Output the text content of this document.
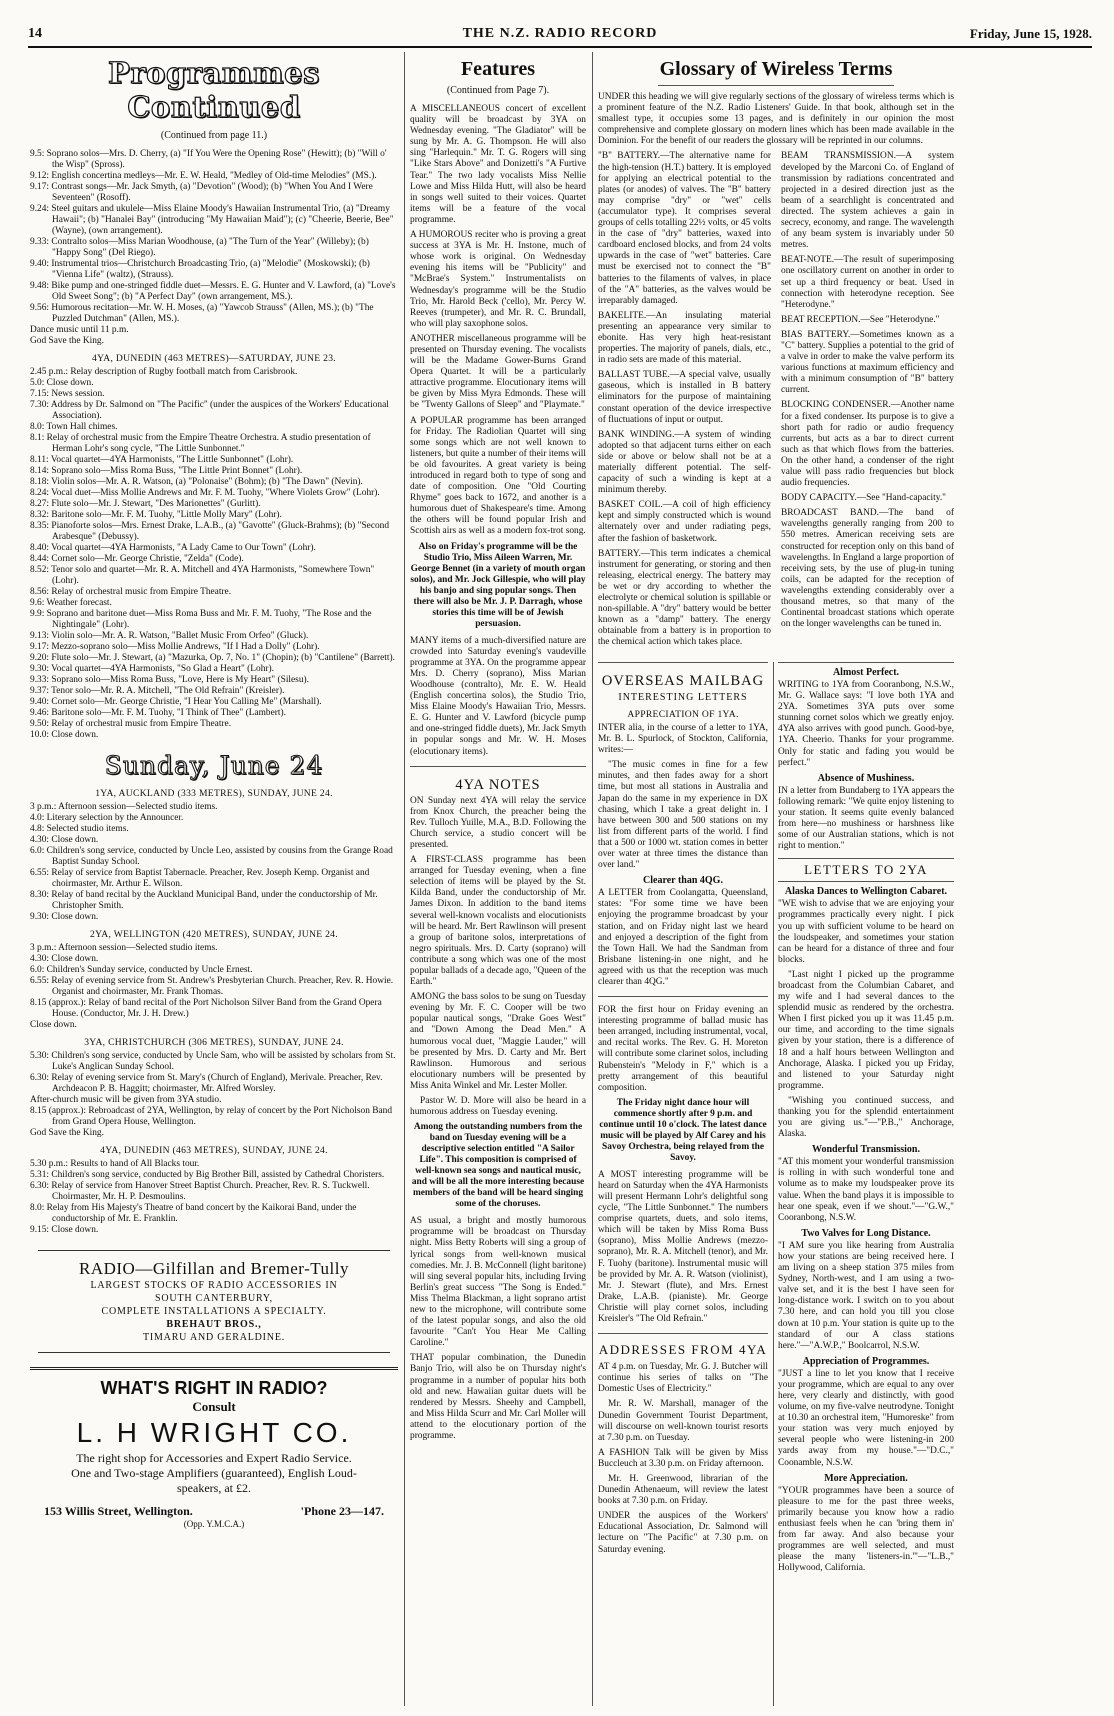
14	THE N.Z. RADIO RECORD	Friday, June 15, 1928.
Programmes Continued
(Continued from page 11.)

9.5: Soprano solos—Mrs. D. Cherry, (a) "If You Were the Opening Rose" (Hewitt); (b) "Will o' the Wisp" (Spross).

9.12: English concertina medleys—Mr. E. W. Heald, "Medley of Old-time Melodies" (MS.).

9.17: Contrast songs—Mr. Jack Smyth, (a) "Devotion" (Wood); (b) "When You And I Were Seventeen" (Rosoff).

9.24: Steel guitars and ukulele—Miss Elaine Moody's Hawaiian Instrumental Trio, (a) "Dreamy Hawaii"; (b) "Hanalei Bay" (introducing "My Hawaiian Maid"); (c) "Cheerie, Beerie, Bee" (Wayne), (own arrangement).

9.33: Contralto solos—Miss Marian Woodhouse, (a) "The Turn of the Year" (Willeby); (b) "Happy Song" (Del Riego).

9.40: Instrumental trios—Christchurch Broadcasting Trio, (a) "Melodie" (Moskowski); (b) "Vienna Life" (waltz), (Strauss).

9.48: Bike pump and one-stringed fiddle duet—Messrs. E. G. Hunter and V. Lawford, (a) "Love's Old Sweet Song"; (b) "A Perfect Day" (own arrangement, MS.).

9.56: Humorous recitation—Mr. W. H. Moses, (a) "Yawcob Strauss" (Allen, MS.); (b) "The Puzzled Dutchman" (Allen, MS.).

Dance music until 11 p.m.

God Save the King.

4YA, DUNEDIN (463 METRES)—SATURDAY, JUNE 23.

2.45 p.m.: Relay description of Rugby football match from Carisbrook.

5.0: Close down.

7.15: News session.

7.30: Address by Dr. Salmond on "The Pacific" (under the auspices of the Workers' Educational Association).

8.0: Town Hall chimes.

8.1: Relay of orchestral music from the Empire Theatre Orchestra. A studio presentation of Herman Lohr's song cycle, "The Little Sunbonnet."

8.11: Vocal quartet—4YA Harmonists, "The Little Sunbonnet" (Lohr).

8.14: Soprano solo—Miss Roma Buss, "The Little Print Bonnet" (Lohr).

8.18: Violin solos—Mr. A. R. Watson, (a) "Polonaise" (Bohm); (b) "The Dawn" (Nevin).

8.24: Vocal duet—Miss Mollie Andrews and Mr. F. M. Tuohy, "Where Violets Grow" (Lohr).

8.27: Flute solo—Mr. J. Stewart, "Des Marionettes" (Gurlitt).

8.32: Baritone solo—Mr. F. M. Tuohy, "Little Molly Mary" (Lohr).

8.35: Pianoforte solos—Mrs. Ernest Drake, L.A.B., (a) "Gavotte" (Gluck-Brahms); (b) "Second Arabesque" (Debussy).

8.40: Vocal quartet—4YA Harmonists, "A Lady Came to Our Town" (Lohr).

8.44: Cornet solo—Mr. George Christie, "Zelda" (Code).

8.52: Tenor solo and quartet—Mr. R. A. Mitchell and 4YA Harmonists, "Somewhere Town" (Lohr).

8.56: Relay of orchestral music from Empire Theatre.

9.6: Weather forecast.

9.9: Soprano and baritone duet—Miss Roma Buss and Mr. F. M. Tuohy, "The Rose and the Nightingale" (Lohr).

9.13: Violin solo—Mr. A. R. Watson, "Ballet Music From Orfeo" (Gluck).

9.17: Mezzo-soprano solo—Miss Mollie Andrews, "If I Had a Dolly" (Lohr).

9.20: Flute solo—Mr. J. Stewart, (a) "Mazurka, Op. 7, No. 1" (Chopin); (b) "Cantilene" (Barrett).

9.30: Vocal quartet—4YA Harmonists, "So Glad a Heart" (Lohr).

9.33: Soprano solo—Miss Roma Buss, "Love, Here is My Heart" (Silesu).

9.37: Tenor solo—Mr. R. A. Mitchell, "The Old Refrain" (Kreisler).

9.40: Cornet solo—Mr. George Christie, "I Hear You Calling Me" (Marshall).

9.46: Baritone solo—Mr. F. M. Tuohy, "I Think of Thee" (Lambert).

9.50: Relay of orchestral music from Empire Theatre.

10.0: Close down.

Sunday, June 24
1YA, AUCKLAND (333 METRES), SUNDAY, JUNE 24.

3 p.m.: Afternoon session—Selected studio items.

4.0: Literary selection by the Announcer.

4.8: Selected studio items.

4.30: Close down.

6.0: Children's song service, conducted by Uncle Leo, assisted by cousins from the Grange Road Baptist Sunday School.

6.55: Relay of service from Baptist Tabernacle. Preacher, Rev. Joseph Kemp. Organist and choirmaster, Mr. Arthur E. Wilson.

8.30: Relay of band recital by the Auckland Municipal Band, under the conductorship of Mr. Christopher Smith.

9.30: Close down.

2YA, WELLINGTON (420 METRES), SUNDAY, JUNE 24.

3 p.m.: Afternoon session—Selected studio items.

4.30: Close down.

6.0: Children's Sunday service, conducted by Uncle Ernest.

6.55: Relay of evening service from St. Andrew's Presbyterian Church. Preacher, Rev. R. Howie. Organist and choirmaster, Mr. Frank Thomas.

8.15 (approx.): Relay of band recital of the Port Nicholson Silver Band from the Grand Opera House. (Conductor, Mr. J. H. Drew.)

Close down.

3YA, CHRISTCHURCH (306 METRES), SUNDAY, JUNE 24.

5.30: Children's song service, conducted by Uncle Sam, who will be assisted by scholars from St. Luke's Anglican Sunday School.

6.30: Relay of evening service from St. Mary's (Church of England), Merivale. Preacher, Rev. Archdeacon P. B. Haggitt; choirmaster, Mr. Alfred Worsley.

After-church music will be given from 3YA studio.

8.15 (approx.): Rebroadcast of 2YA, Wellington, by relay of concert by the Port Nicholson Band from Grand Opera House, Wellington.

God Save the King.

4YA, DUNEDIN (463 METRES), SUNDAY, JUNE 24.

5.30 p.m.: Results to hand of All Blacks tour.

5.31: Children's song service, conducted by Big Brother Bill, assisted by Cathedral Choristers.

6.30: Relay of service from Hanover Street Baptist Church. Preacher, Rev. R. S. Tuckwell. Choirmaster, Mr. H. P. Desmoulins.

8.0: Relay from His Majesty's Theatre of band concert by the Kaikorai Band, under the conductorship of Mr. E. Franklin.

9.15: Close down.

RADIO—Gilfillan and Bremer-Tully
LARGEST STOCKS OF RADIO ACCESSORIES IN
SOUTH CANTERBURY,
COMPLETE INSTALLATIONS A SPECIALTY.
BREHAUT BROS.,
TIMARU AND GERALDINE.
WHAT'S RIGHT IN RADIO?
Consult
L. H WRIGHT CO.
The right shop for Accessories and Expert Radio Service.
One and Two-stage Amplifiers (guaranteed), English Loud-
speakers, at £2.
153 Willis Street, Wellington.	'Phone 23—147.
(Opp. Y.M.C.A.)
Features
(Continued from Page 7).

A MISCELLANEOUS concert of excellent quality will be broadcast by 3YA on Wednesday evening. "The Gladiator" will be sung by Mr. A. G. Thompson. He will also sing "Harlequin." Mr. T. G. Rogers will sing "Like Stars Above" and Donizetti's "A Furtive Tear." The two lady vocalists Miss Nellie Lowe and Miss Hilda Hutt, will also be heard in songs well suited to their voices. Quartet items will be a feature of the vocal programme.

A HUMOROUS reciter who is proving a great success at 3YA is Mr. H. Instone, much of whose work is original. On Wednesday evening his items will be "Publicity" and "McBrae's System." Instrumentalists on Wednesday's programme will be the Studio Trio, Mr. Harold Beck ('cello), Mr. Percy W. Reeves (trumpeter), and Mr. R. C. Brundall, who will play saxophone solos.

ANOTHER miscellaneous programme will be presented on Thursday evening. The vocalists will be the Madame Gower-Burns Grand Opera Quartet. It will be a particularly attractive programme. Elocutionary items will be given by Miss Myra Edmonds. These will be "Twenty Gallons of Sleep" and "Playmate."

A POPULAR programme has been arranged for Friday. The Radiolian Quartet will sing some songs which are not well known to listeners, but quite a number of their items will be old favourites. A great variety is being introduced in regard both to type of song and date of composition. One "Old Courting Rhyme" goes back to 1672, and another is a humorous duet of Shakespeare's time. Among the others will be found popular Irish and Scottish airs as well as a modern fox-trot song.

Also on Friday's programme will be the Studio Trio, Miss Aileen Warren, Mr. George Bennet (in a variety of mouth organ solos), and Mr. Jock Gillespie, who will play his banjo and sing popular songs. Then there will also be Mr. J. P. Darragh, whose stories this time will be of Jewish persuasion.

MANY items of a much-diversified nature are crowded into Saturday evening's vaudeville programme at 3YA. On the programme appear Mrs. D. Cherry (soprano), Miss Marian Woodhouse (contralto), Mr. E. W. Heald (English concertina solos), the Studio Trio, Miss Elaine Moody's Hawaiian Trio, Messrs. E. G. Hunter and V. Lawford (bicycle pump and one-stringed fiddle duets), Mr. Jack Smyth in popular songs and Mr. W. H. Moses (elocutionary items).

4YA NOTES

ON Sunday next 4YA will relay the service from Knox Church, the preacher being the Rev. Tulloch Yuille, M.A., B.D. Following the Church service, a studio concert will be presented.

A FIRST-CLASS programme has been arranged for Tuesday evening, when a fine selection of items will be played by the St. Kilda Band, under the conductorship of Mr. James Dixon. In addition to the band items several well-known vocalists and elocutionists will be heard. Mr. Bert Rawlinson will present a group of baritone solos, interpretations of negro spirituals. Mrs. D. Carty (soprano) will contribute a song which was one of the most popular ballads of a decade ago, "Queen of the Earth."

AMONG the bass solos to be sung on Tuesday evening by Mr. F. C. Cooper will be two popular nautical songs, "Drake Goes West" and "Down Among the Dead Men." A humorous vocal duet, "Maggie Lauder," will be presented by Mrs. D. Carty and Mr. Bert Rawlinson. Humorous and serious elocutionary numbers will be presented by Miss Anita Winkel and Mr. Lester Moller.

Pastor W. D. More will also be heard in a humorous address on Tuesday evening.

Among the outstanding numbers from the band on Tuesday evening will be a descriptive selection entitled "A Sailor Life". This composition is comprised of well-known sea songs and nautical music, and will be all the more interesting because members of the band will be heard singing some of the choruses.

AS usual, a bright and mostly humorous programme will be broadcast on Thursday night. Miss Betty Roberts will sing a group of lyrical songs from well-known musical comedies. Mr. J. B. McConnell (light baritone) will sing several popular hits, including Irving Berlin's great success "The Song is Ended." Miss Thelma Blackman, a light soprano artist new to the microphone, will contribute some of the latest popular songs, and also the old favourite "Can't You Hear Me Calling Caroline."

THAT popular combination, the Dunedin Banjo Trio, will also be on Thursday night's programme in a number of popular hits both old and new. Hawaiian guitar duets will be rendered by Messrs. Sheehy and Campbell, and Miss Hilda Scurr and Mr. Carl Moller will attend to the elocutionary portion of the programme.

Glossary of Wireless Terms

UNDER this heading we will give regularly sections of the glossary of wireless terms which is a prominent feature of the N.Z. Radio Listeners' Guide. In that book, although set in the smallest type, it occupies some 13 pages, and is definitely in our opinion the most comprehensive and complete glossary on modern lines which has been made available in the Dominion. For the benefit of our readers the glossary will be reprinted in our columns.

"B" BATTERY.—The alternative name for the high-tension (H.T.) battery. It is employed for applying an electrical potential to the plates (or anodes) of valves. The "B" battery may comprise "dry" or "wet" cells (accumulator type). It comprises several groups of cells totalling 22½ volts, or 45 volts in the case of "dry" batteries, waxed into cardboard enclosed blocks, and from 24 volts upwards in the case of "wet" batteries. Care must be exercised not to connect the "B" batteries to the filaments of valves, in place of the "A" batteries, as the valves would be irreparably damaged.

BAKELITE.—An insulating material presenting an appearance very similar to ebonite. Has very high heat-resistant properties. The majority of panels, dials, etc., in radio sets are made of this material.

BALLAST TUBE.—A special valve, usually gaseous, which is installed in B battery eliminators for the purpose of maintaining constant operation of the device irrespective of fluctuations of input or output.

BANK WINDING.—A system of winding adopted so that adjacent turns either on each side or above or below shall not be at a materially different potential. The self-capacity of such a winding is kept at a minimum thereby.

BASKET COIL.—A coil of high efficiency kept and simply constructed which is wound alternately over and under radiating pegs, after the fashion of basketwork.

BATTERY.—This term indicates a chemical instrument for generating, or storing and then releasing, electrical energy. The battery may be wet or dry according to whether the electrolyte or chemical solution is spillable or non-spillable. A "dry" battery would be better known as a "damp" battery. The energy obtainable from a battery is in proportion to the chemical action which takes place.

BEAM TRANSMISSION.—A system developed by the Marconi Co. of England of transmission by radiations concentrated and projected in a desired direction just as the beam of a searchlight is concentrated and directed. The system achieves a gain in secrecy, economy, and range. The wavelength of any beam system is invariably under 50 metres.

BEAT-NOTE.—The result of superimposing one oscillatory current on another in order to set up a third frequency or beat. Used in connection with heterodyne reception. See "Heterodyne."

BEAT RECEPTION.—See "Heterodyne."

BIAS BATTERY.—Sometimes known as a "C" battery. Supplies a potential to the grid of a valve in order to make the valve perform its various functions at maximum efficiency and with a minimum consumption of "B" battery current.

BLOCKING CONDENSER.—Another name for a fixed condenser. Its purpose is to give a short path for radio or audio frequency currents, but acts as a bar to direct current such as that which flows from the batteries. On the other hand, a condenser of the right value will pass radio frequencies but block audio frequencies.

BODY CAPACITY.—See "Hand-capacity."

BROADCAST BAND.—The band of wavelengths generally ranging from 200 to 550 metres. American receiving sets are constructed for reception only on this band of wavelengths. In England a large proportion of receiving sets, by the use of plug-in tuning coils, can be adapted for the reception of wavelengths extending considerably over a thousand metres, so that many of the Continental broadcast stations which operate on the longer wavelengths can be tuned in.

OVERSEAS MAILBAG
INTERESTING LETTERS
APPRECIATION OF 1YA.

INTER alia, in the course of a letter to 1YA, Mr. B. L. Spurlock, of Stockton, California, writes:—

"The music comes in fine for a few minutes, and then fades away for a short time, but most all stations in Australia and Japan do the same in my experience in DX chasing, which I take a great delight in. I have between 300 and 500 stations on my list from different parts of the world. I find that a 500 or 1000 wt. station comes in better over water at three times the distance than over land."

Clearer than 4QG.

A LETTER from Coolangatta, Queensland, states: "For some time we have been enjoying the programme broadcast by your station, and on Friday night last we heard and enjoyed a description of the fight from the Town Hall. We had the Sandman from Brisbane listening-in one night, and he agreed with us that the reception was much clearer than 4QG."

FOR the first hour on Friday evening an interesting programme of ballad music has been arranged, including instrumental, vocal, and recital works. The Rev. G. H. Moreton will contribute some clarinet solos, including Rubenstein's "Melody in F," which is a pretty arrangement of this beautiful composition.

The Friday night dance hour will commence shortly after 9 p.m. and continue until 10 o'clock. The latest dance music will be played by Alf Carey and his Savoy Orchestra, being relayed from the Savoy.

A MOST interesting programme will be heard on Saturday when the 4YA Harmonists will present Hermann Lohr's delightful song cycle, "The Little Sunbonnet." The numbers comprise quartets, duets, and solo items, which will be taken by Miss Roma Buss (soprano), Miss Mollie Andrews (mezzo-soprano), Mr. R. A. Mitchell (tenor), and Mr. F. Tuohy (baritone). Instrumental music will be provided by Mr. A. R. Watson (violinist), Mr. J. Stewart (flute), and Mrs. Ernest Drake, L.A.B. (pianiste). Mr. George Christie will play cornet solos, including Kreisler's "The Old Refrain."

ADDRESSES FROM 4YA

AT 4 p.m. on Tuesday, Mr. G. J. Butcher will continue his series of talks on "The Domestic Uses of Electricity."

Mr. R. W. Marshall, manager of the Dunedin Government Tourist Department, will discourse on well-known tourist resorts at 7.30 p.m. on Tuesday.

A FASHION Talk will be given by Miss Buccleuch at 3.30 p.m. on Friday afternoon.

Mr. H. Greenwood, librarian of the Dunedin Athenaeum, will review the latest books at 7.30 p.m. on Friday.

UNDER the auspices of the Workers' Educational Association, Dr. Salmond will lecture on "The Pacific" at 7.30 p.m. on Saturday evening.

Almost Perfect.

WRITING to 1YA from Cooranbong, N.S.W., Mr. G. Wallace says: "I love both 1YA and 2YA. Sometimes 3YA puts over some stunning cornet solos which we greatly enjoy. 4YA also arrives with good punch. Good-bye, 1YA. Cheerio. Thanks for your programme. Only for static and fading you would be perfect."

Absence of Mushiness.

IN a letter from Bundaberg to 1YA appears the following remark: "We quite enjoy listening to your station. It seems quite evenly balanced from here—no mushiness or harshness like some of our Australian stations, which is not right to mention."

LETTERS TO 2YA
Alaska Dances to Wellington Cabaret.

"WE wish to advise that we are enjoying your programmes practically every night. I pick you up with sufficient volume to be heard on the loudspeaker, and sometimes your station can be heard for a distance of three and four blocks.

"Last night I picked up the programme broadcast from the Columbian Cabaret, and my wife and I had several dances to the splendid music as rendered by the orchestra. When I first picked you up it was 11.45 p.m. our time, and according to the time signals given by your station, there is a difference of 18 and a half hours between Wellington and Anchorage, Alaska. I picked you up Friday, and listened to your Saturday night programme.

"Wishing you continued success, and thanking you for the splendid entertainment you are giving us."—"P.B.," Anchorage, Alaska.

Wonderful Transmission.

"AT this moment your wonderful transmission is rolling in with such wonderful tone and volume as to make my loudspeaker prove its value. When the band plays it is impossible to hear one speak, even if we shout."—"G.W.," Cooranbong, N.S.W.

Two Valves for Long Distance.

"I AM sure you like hearing from Australia how your stations are being received here. I am living on a sheep station 375 miles from Sydney, North-west, and I am using a two-valve set, and it is the best I have seen for long-distance work. I switch on to you about 7.30 here, and can hold you till you close down at 10 p.m. Your station is quite up to the standard of our A class stations here."—"A.W.P.," Boolcarrol, N.S.W.

Appreciation of Programmes.

"JUST a line to let you know that I receive your programme, which are equal to any over here, very clearly and distinctly, with good volume, on my five-valve neutrodyne. Tonight at 10.30 an orchestral item, "Humoreske" from your station was very much enjoyed by several people who were listening-in 200 yards away from my house."—"D.C.," Coonamble, N.S.W.

More Appreciation.

"YOUR programmes have been a source of pleasure to me for the past three weeks, primarily because you know how a radio enthusiast feels when he can 'bring them in' from far away. And also because your programmes are well selected, and must please the many 'listeners-in.'"—"L.B.," Hollywood, California.
